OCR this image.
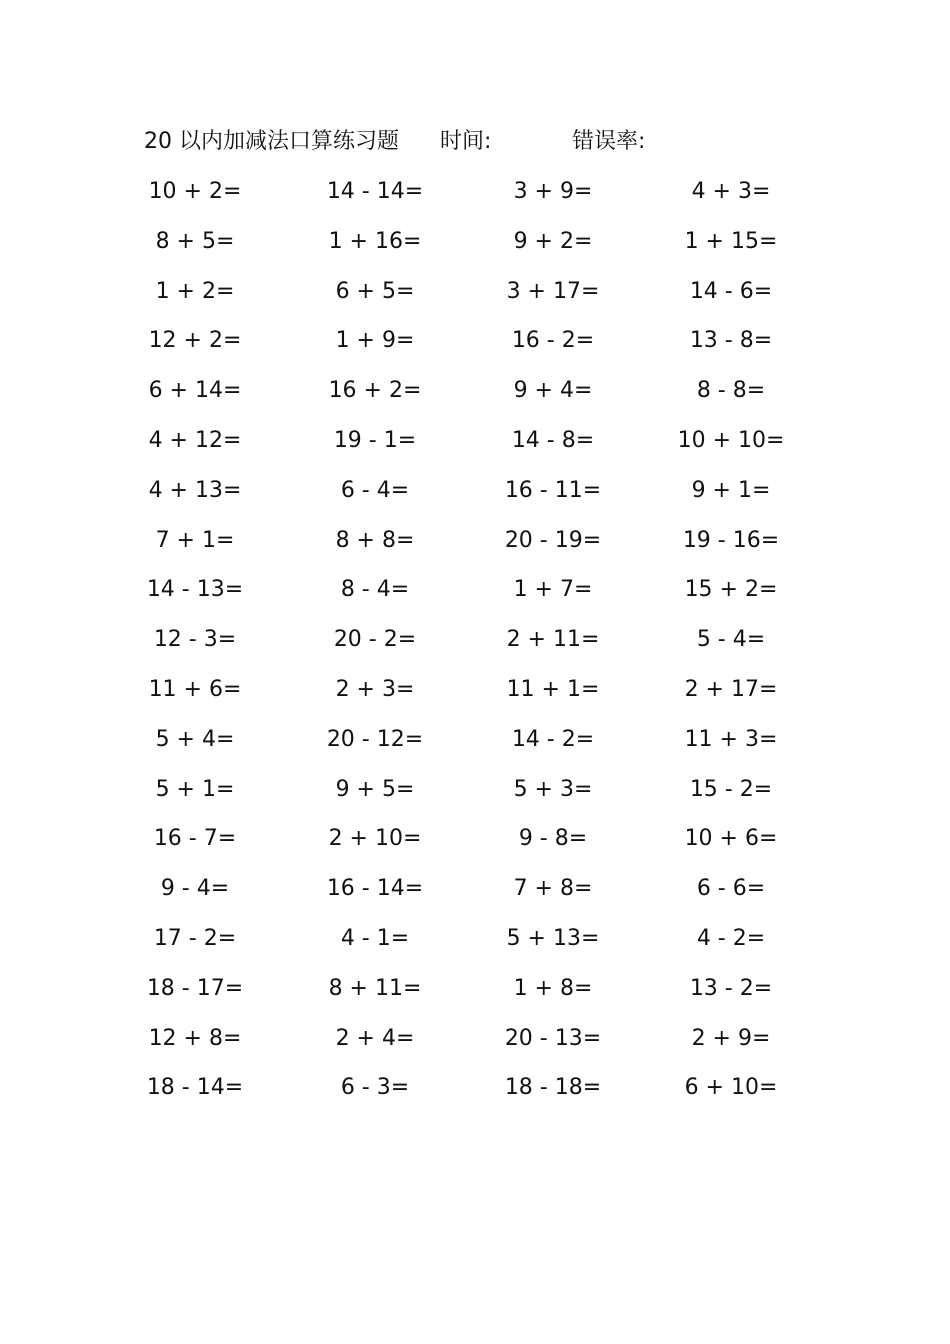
20 以内加减法口算练习题 时间:	错误率:
10 + 2=	14 - 14=	3 + 9=	4 + 3=
8 + 5=	1 + 16=	9 + 2=	1 + 15=
1 + 2=	6 + 5=	3 + 17=	14 - 6=
12 + 2=	1 + 9=	16 - 2=	13 - 8=
6 + 14=	16 + 2=	9 + 4=	8 - 8=
4 + 12=	19 - 1=	14 - 8=	10 + 10=
4 + 13=	6 - 4=	16 - 11=	9 + 1=
7 + 1=	8 + 8=	20 - 19=	19 - 16=
14 - 13=	8 - 4=	1 + 7=	15 + 2=
12 - 3=	20 - 2=	2 + 11=	5 - 4=
11 + 6=	2 + 3=	11 + 1=	2 + 17=
5 + 4=	20 - 12=	14 - 2=	11 + 3=
5 + 1=	9 + 5=	5 + 3=	15 - 2=
16 - 7=	2 + 10=	9 - 8=	10 + 6=
9 - 4=	16 - 14=	7 + 8=	6 - 6=
17 - 2=	4 - 1=	5 + 13=	4 - 2=
18 - 17=	8 + 11=	1 + 8=	13 - 2=
12 + 8=	2 + 4=	20 - 13=	2 + 9=
18 - 14=	6 - 3=	18 - 18=	6 + 10=
